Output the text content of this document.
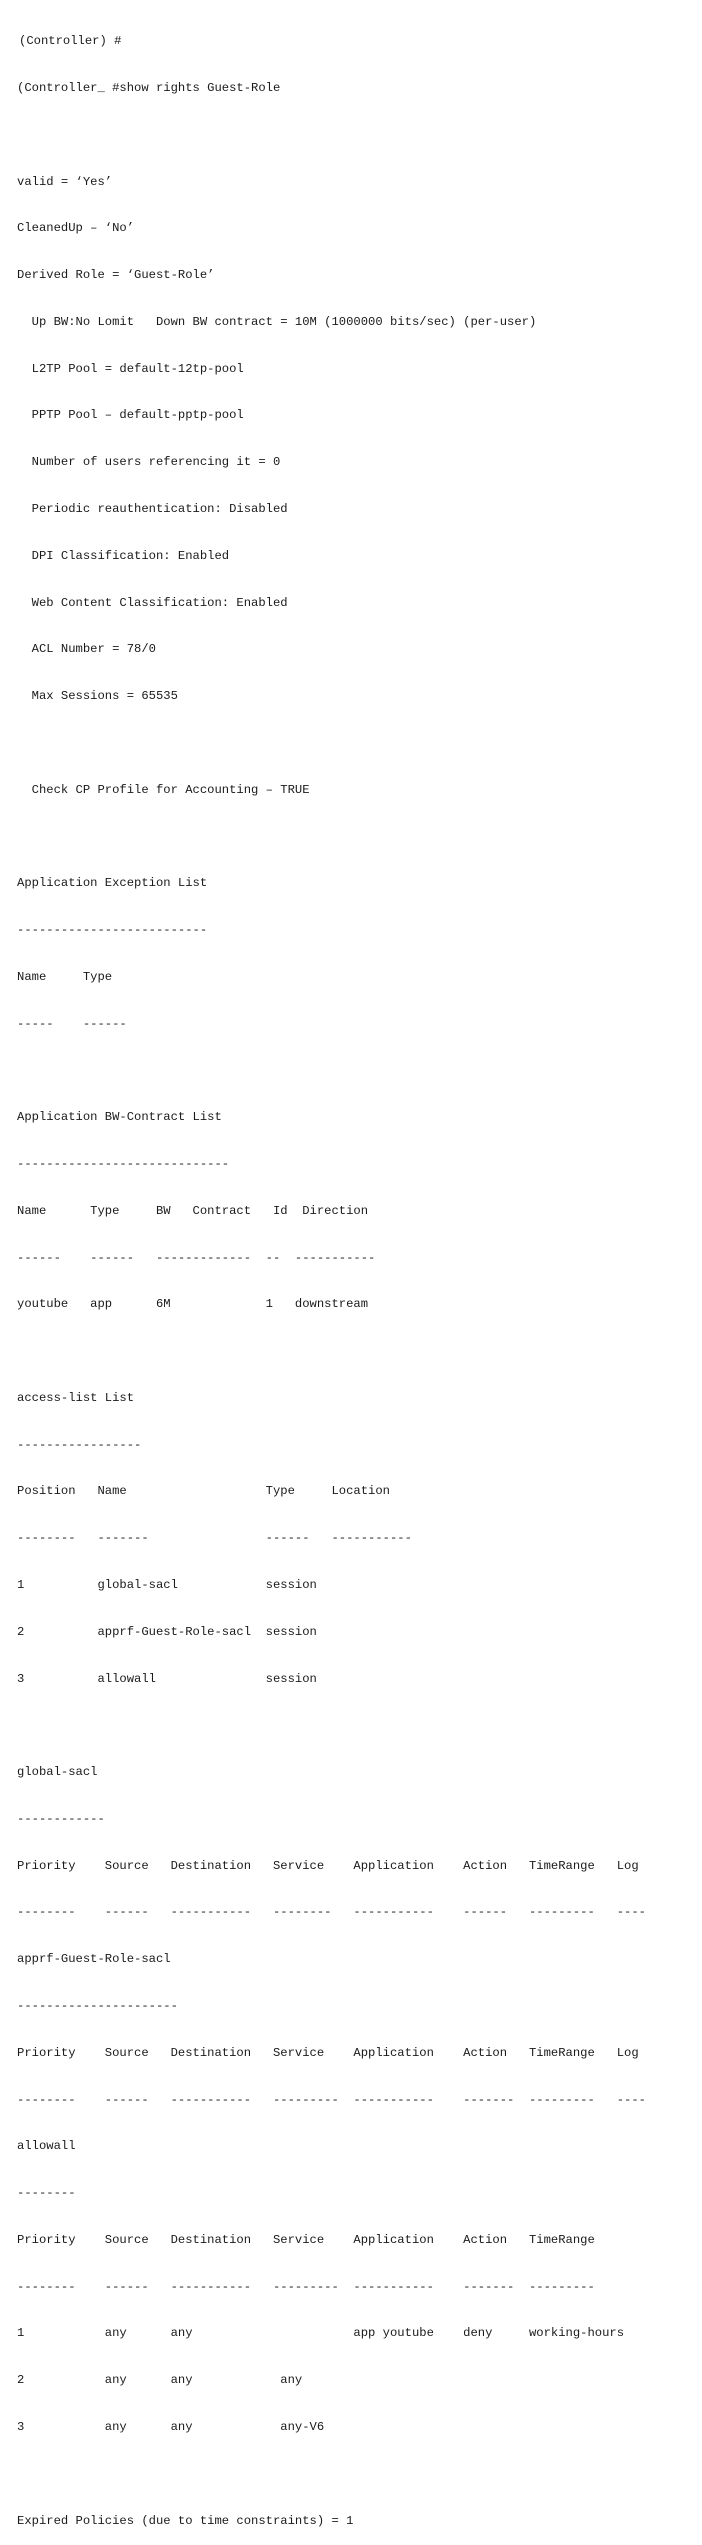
(Controller) #

(Controller_ #show rights Guest-Role

valid = ‘Yes’

CleanedUp – ‘No’

Derived Role = ‘Guest-Role’

Up BW:No Lomit   Down BW contract = 10M (1000000 bits/sec) (per-user)

L2TP Pool = default-12tp-pool

PPTP Pool – default-pptp-pool

Number of users referencing it = 0

Periodic reauthentication: Disabled

DPI Classification: Enabled

Web Content Classification: Enabled

ACL Number = 78/0

Max Sessions = 65535

Check CP Profile for Accounting – TRUE

Application Exception List

--------------------------

Name     Type

-----    ------

Application BW-Contract List

-----------------------------

Name      Type     BW   Contract   Id  Direction

------    ------   -------------  --  -----------

youtube   app      6M             1   downstream

access-list List

-----------------

Position   Name                   Type     Location

--------   -------                ------   -----------

1          global-sacl            session

2          apprf-Guest-Role-sacl  session

3          allowall               session

global-sacl

------------

Priority    Source   Destination   Service    Application    Action   TimeRange   Log

--------    ------   -----------   --------   -----------    ------   ---------   ----

apprf-Guest-Role-sacl

----------------------

Priority    Source   Destination   Service    Application    Action   TimeRange   Log

--------    ------   -----------   ---------  -----------    -------  ---------   ----

allowall

--------

Priority    Source   Destination   Service    Application    Action   TimeRange

--------    ------   -----------   ---------  -----------    -------  ---------

1           any      any                      app youtube    deny     working-hours

2           any      any            any

3           any      any            any-V6

Expired Policies (due to time constraints) = 1
